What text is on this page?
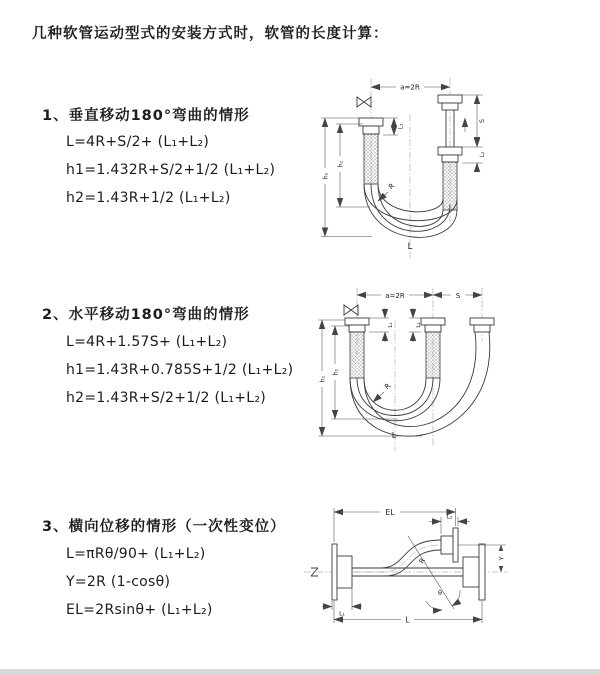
几种软管运动型式的安装方式时，软管的长度计算：
1、垂直移动180°弯曲的情形
L=4R+S/2+ (L₁+L₂)
h1=1.432R+S/2+1/2 (L₁+L₂)
h2=1.43R+1/2 (L₁+L₂)
2、水平移动180°弯曲的情形
L=4R+1.57S+ (L₁+L₂)
h1=1.43R+0.785S+1/2 (L₁+L₂)
h2=1.43R+S/2+1/2 (L₁+L₂)
3、横向位移的情形（一次性变位）
L=πRθ/90+ (L₁+L₂)
Y=2R (1-cosθ)
EL=2Rsinθ+ (L₁+L₂)
a=2R
L₁
S
L₂
h₁
h₂
R
L
a=2R	S
L₁	L₂
h₁
h₂
R
L
R
θ
EL
L₂
Y
L₁
L
